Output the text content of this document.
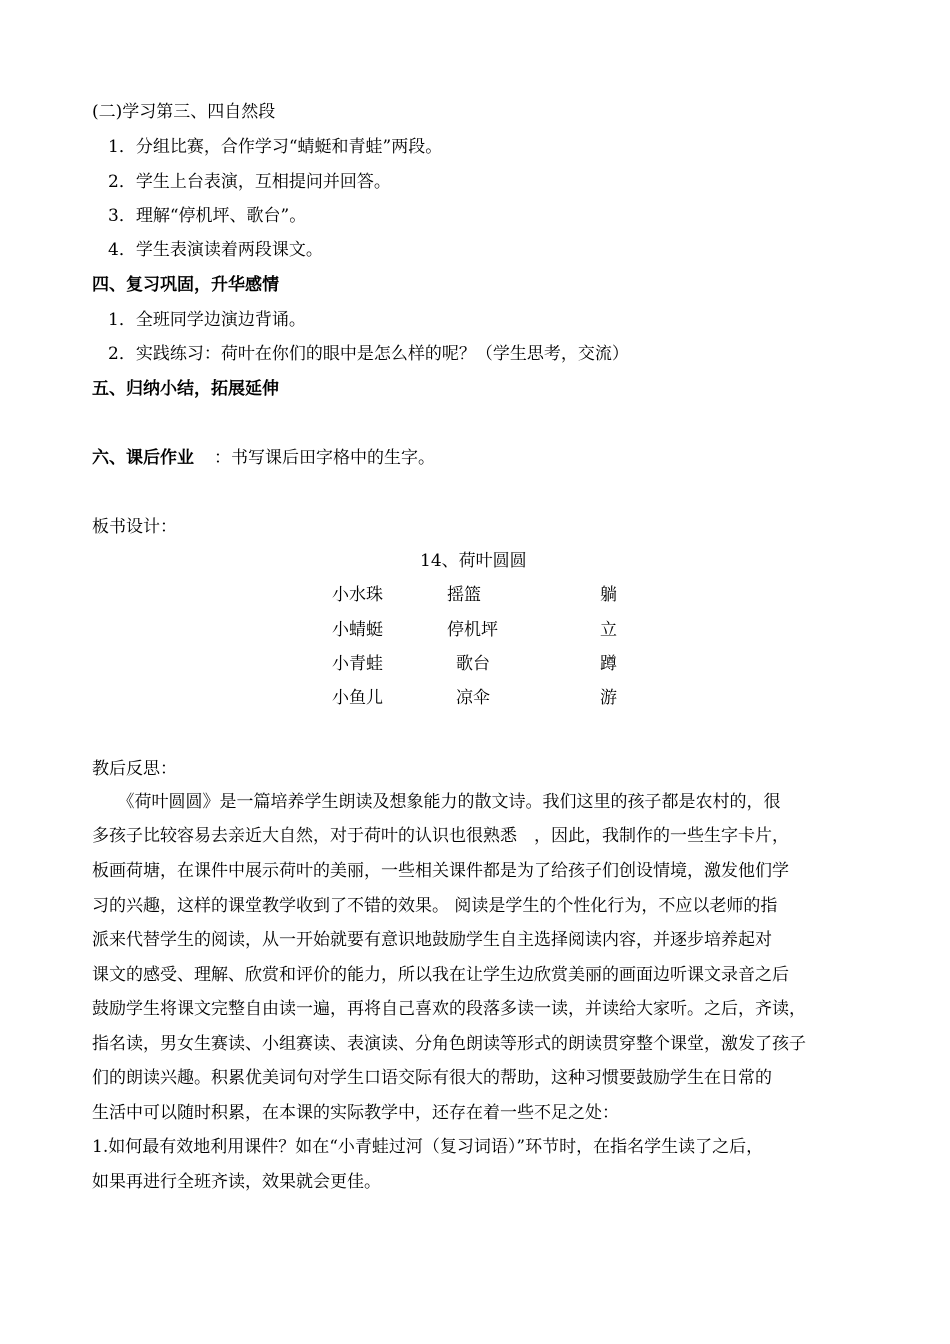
(二)学习第三、四自然段
1．分组比赛，合作学习“蜻蜓和青蛙”两段。
2．学生上台表演，互相提问并回答。
3．理解“停机坪、歌台”。
4．学生表演读着两段课文。
四、复习巩固，升华感情
1．全班同学边演边背诵。
2．实践练习：荷叶在你们的眼中是怎么样的呢？（学生思考，交流）
五、归纳小结，拓展延伸
六、课后作业 ：书写课后田字格中的生字。
板书设计：
14、荷叶圆圆
小水珠	摇篮	躺
小蜻蜓	停机坪	立
小青蛙	歌台	蹲
小鱼儿	凉伞	游
教后反思：
　　《荷叶圆圆》是一篇培养学生朗读及想象能力的散文诗。我们这里的孩子都是农村的，很
多孩子比较容易去亲近大自然，对于荷叶的认识也很熟悉　，因此，我制作的一些生字卡片，
板画荷塘，在课件中展示荷叶的美丽，一些相关课件都是为了给孩子们创设情境，激发他们学
习的兴趣，这样的课堂教学收到了不错的效果。 阅读是学生的个性化行为，不应以老师的指
派来代替学生的阅读，从一开始就要有意识地鼓励学生自主选择阅读内容，并逐步培养起对
课文的感受、理解、欣赏和评价的能力，所以我在让学生边欣赏美丽的画面边听课文录音之后
鼓励学生将课文完整自由读一遍，再将自己喜欢的段落多读一读，并读给大家听。之后，齐读，
指名读，男女生赛读、小组赛读、表演读、分角色朗读等形式的朗读贯穿整个课堂，激发了孩子
们的朗读兴趣。积累优美词句对学生口语交际有很大的帮助，这种习惯要鼓励学生在日常的
生活中可以随时积累，在本课的实际教学中，还存在着一些不足之处：
1.如何最有效地利用课件？如在“小青蛙过河（复习词语）”环节时，在指名学生读了之后，
如果再进行全班齐读，效果就会更佳。
